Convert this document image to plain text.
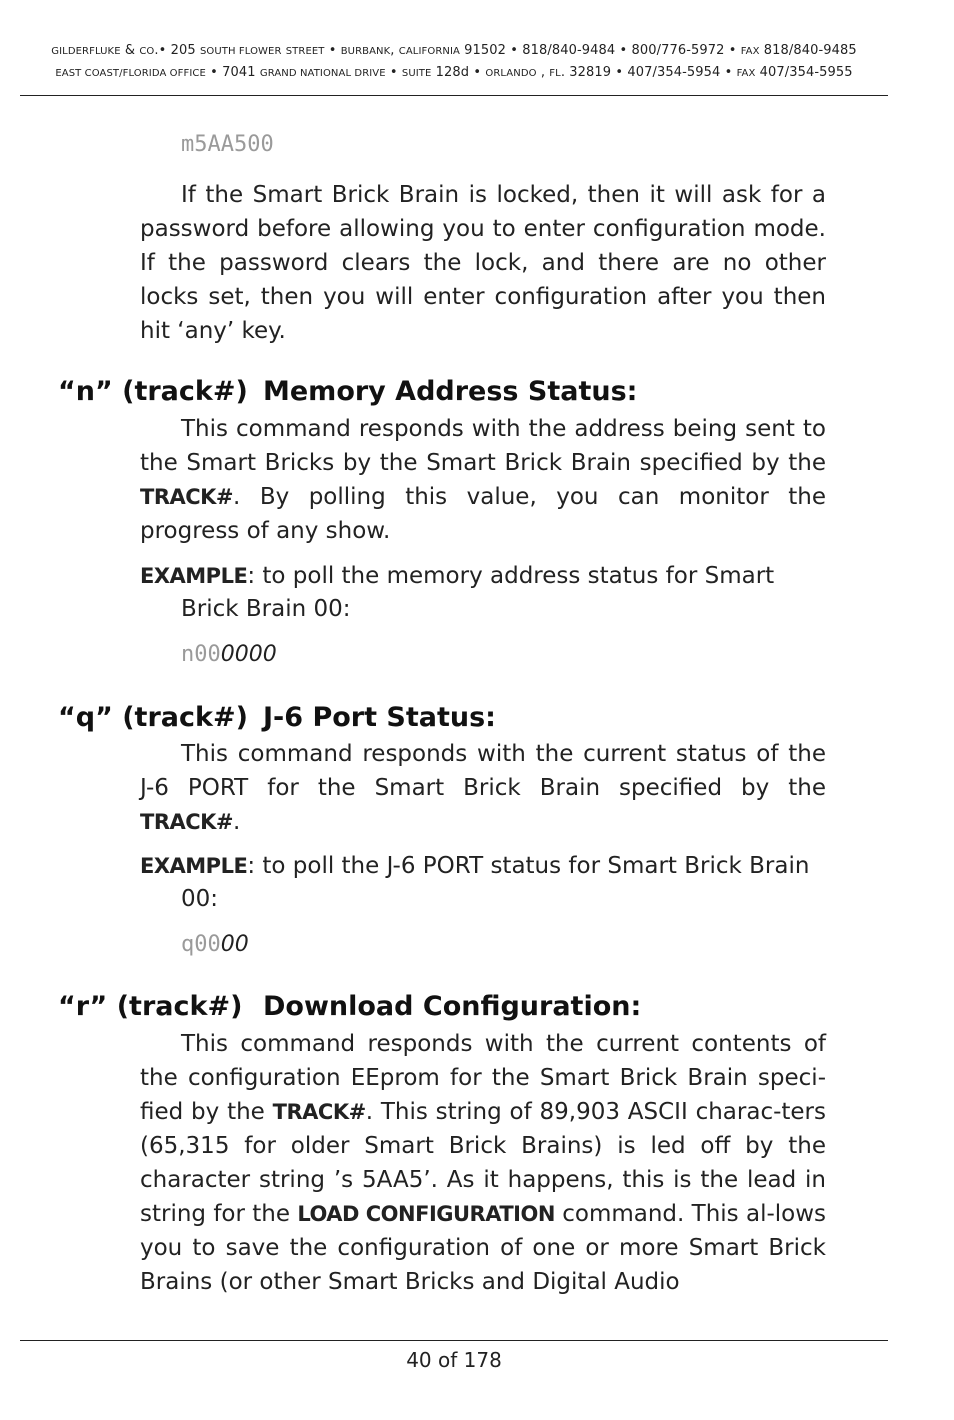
GILDERFLUKE & CO.• 205 SOUTH FLOWER STREET • BURBANK, CALIFORNIA 91502 • 818/840-9484 • 800/776-5972 • FAX 818/840-9485
EAST COAST/FLORIDA OFFICE • 7041 GRAND NATIONAL DRIVE • SUITE 128d • ORLANDO , FL. 32819 • 407/354-5954 • FAX 407/354-5955
m5AA500
If the Smart Brick Brain is locked, then it will ask for a password before allowing you to enter configuration mode. If the password clears the lock, and there are no other locks set, then you will enter configuration after you then hit ‘any’ key.
“n” (track#) Memory Address Status:
This command responds with the address being sent to the Smart Bricks by the Smart Brick Brain specified by the TRACK#. By polling this value, you can monitor the progress of any show.
EXAMPLE: to poll the memory address status for Smart Brick Brain 00:
n000000
“q” (track#) J-6 Port Status:
This command responds with the current status of the J-6 PORT for the Smart Brick Brain specified by the TRACK#.
EXAMPLE: to poll the J-6 PORT status for Smart Brick Brain 00:
q0000
“r” (track#) Download Configuration:
This command responds with the current contents of the configuration EEprom for the Smart Brick Brain speci-fied by the TRACK#. This string of 89,903 ASCII charac-ters (65,315 for older Smart Brick Brains) is led off by the character string ’s 5AA5’. As it happens, this is the lead in string for the LOAD CONFIGURATION command. This al-lows you to save the configuration of one or more Smart Brick Brains (or other Smart Bricks and Digital Audio
40 of 178
